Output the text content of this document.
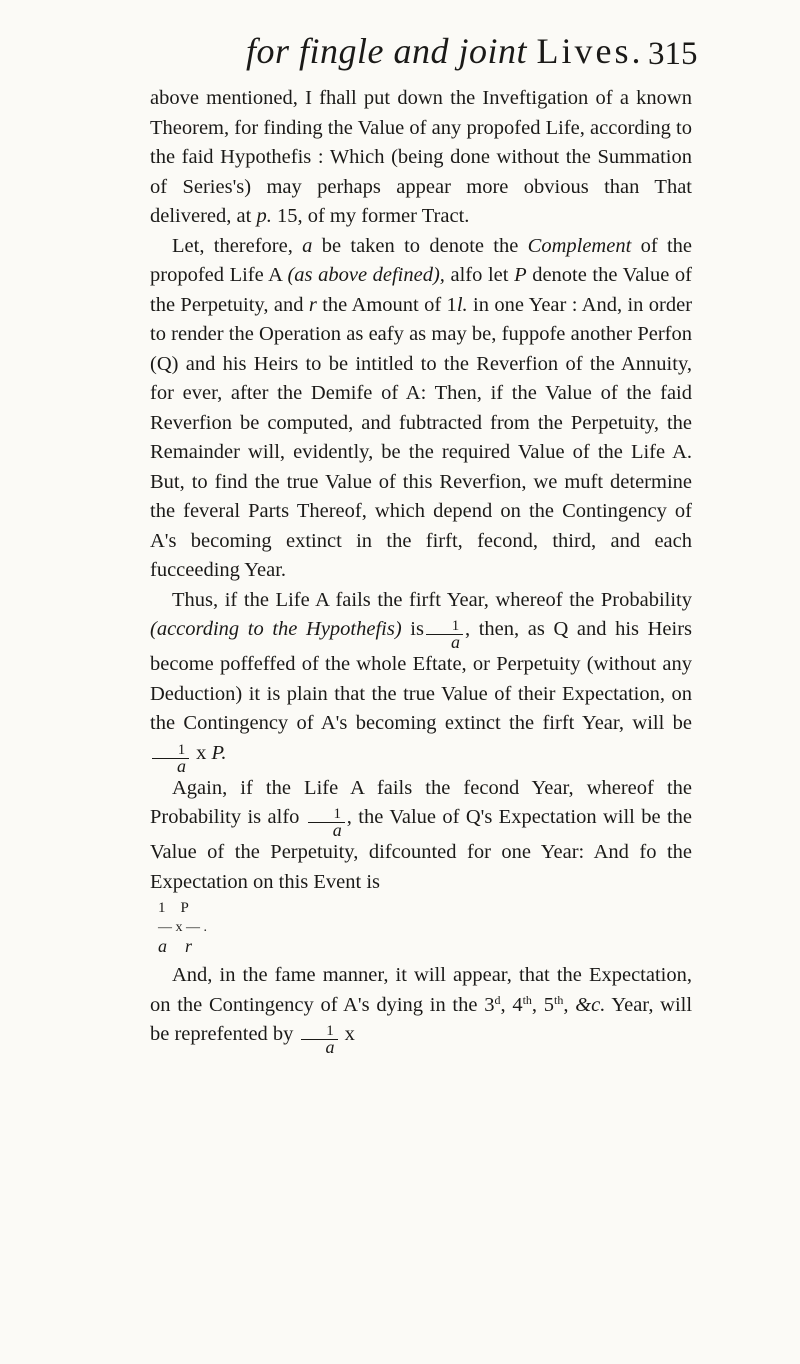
for fingle and joint Lives. 315

above mentioned, I fhall put down the Inveftigation of a known Theorem, for finding the Value of any propofed Life, according to the faid Hypothefis : Which (being done without the Summation of Series's) may perhaps appear more obvious than That delivered, at p. 15, of my former Tract.

Let, therefore, a be taken to denote the Complement of the propofed Life A (as above defined), alfo let P denote the Value of the Perpetuity, and r the Amount of 1l. in one Year : And, in order to render the Operation as eafy as may be, fuppofe another Perfon (Q) and his Heirs to be intitled to the Reverfion of the Annuity, for ever, after the Demife of A: Then, if the Value of the faid Reverfion be computed, and fubtracted from the Perpetuity, the Remainder will, evidently, be the required Value of the Life A. But, to find the true Value of this Reverfion, we muft determine the feveral Parts Thereof, which depend on the Contingency of A's becoming extinct in the firft, fecond, third, and each fucceeding Year.

Thus, if the Life A fails the firft Year, whereof the Probability (according to the Hypothefis) is $\frac{1}{a}$ , then, as Q and his Heirs become poffeffed of the whole Eftate, or Perpetuity (without any Deduction) it is plain that the true Value of their Expectation, on the Contingency of A's becoming extinct the firft Year, will be
$\frac{1}{a}$ x P.

Again, if the Life A fails the fecond Year, whereof the Probability is alfo $\frac{1}{a}$ , the Value of Q's Expectation will be the Value of the Perpetuity, difcounted for one Year: And fo the Expectation on this Event is

1    P
— x — .
a    r

And, in the fame manner, it will appear, that the Expectation, on the Contingency of A's dying in the 3$^d$, 4th, 5th, &c. Year, will be reprefented by $\frac{1}{a}$ x
